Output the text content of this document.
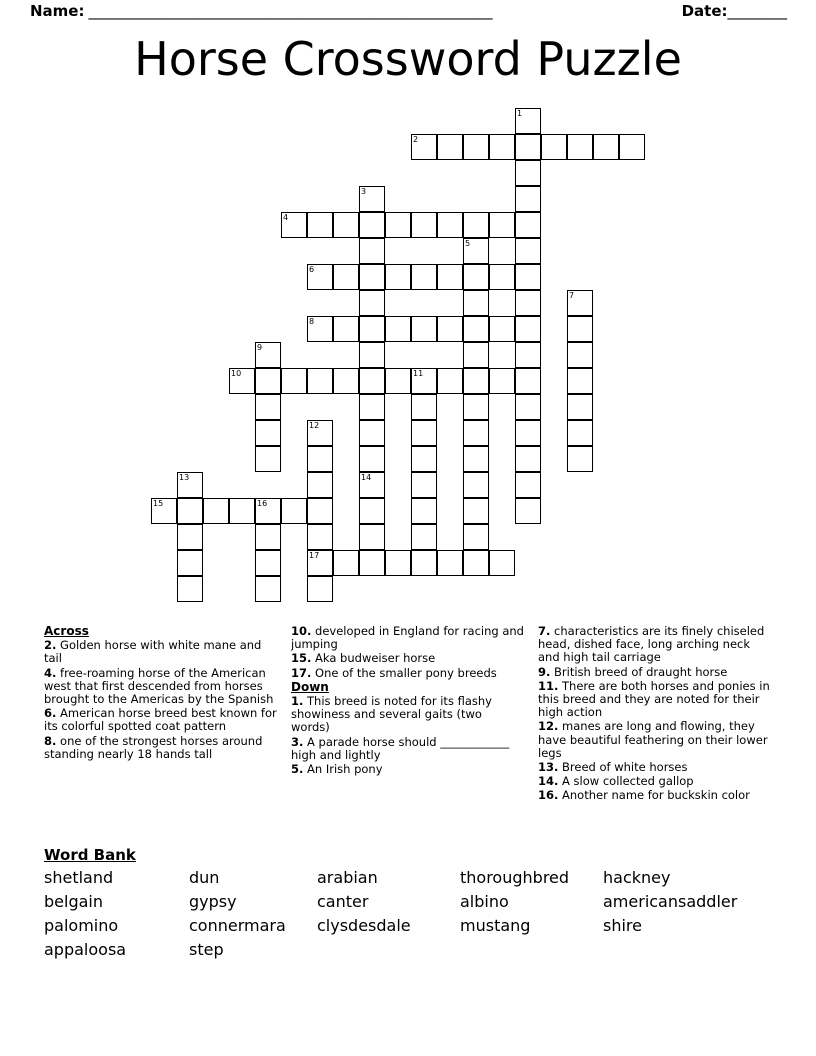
Name: ______________________________________________________________	Date: _________
Horse Crossword Puzzle
1
2
3
4
5
6
7
8
9
10	11
12
13	14
15	16
17
Across
2. Golden horse with white mane and tail
4. free-roaming horse of the American west that first descended from horses brought to the Americas by the Spanish
6. American horse breed best known for its colorful spotted coat pattern
8. one of the strongest horses around standing nearly 18 hands tall
10. developed in England for racing and jumping
15. Aka budweiser horse
17. One of the smaller pony breeds
Down
1. This breed is noted for its flashy showiness and several gaits (two words)
3. A parade horse should ____________ high and lightly
5. An Irish pony
7. characteristics are its finely chiseled head, dished face, long arching neck and high tail carriage
9. British breed of draught horse
11. There are both horses and ponies in this breed and they are noted for their high action
12. manes are long and flowing, they have beautiful feathering on their lower legs
13. Breed of white horses
14. A slow collected gallop
16. Another name for buckskin color
Word Bank
shetland	dun	arabian	thoroughbred	hackney
belgain	gypsy	canter	albino	americansaddler
palomino	connermara	clysdesdale	mustang	shire
appaloosa	step
